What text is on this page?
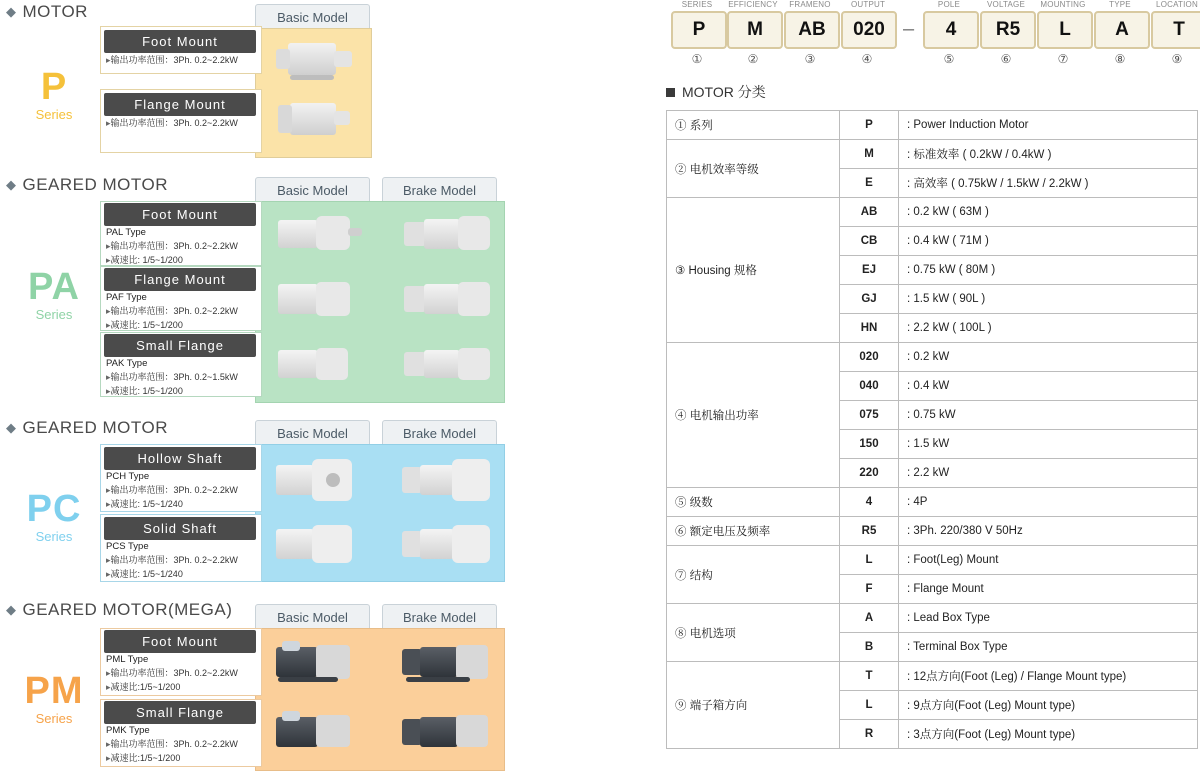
◆ MOTOR	Basic Model
Foot Mount
▸输出功率范围：3Ph. 0.2~2.2kW
Flange Mount
▸输出功率范围：3Ph. 0.2~2.2kW
P
Series
◆ GEARED MOTOR	Basic Model	Brake Model
Foot Mount
PAL Type
▸输出功率范围：3Ph. 0.2~2.2kW
▸减速比: 1/5~1/200
Flange Mount
PAF Type
▸输出功率范围：3Ph. 0.2~2.2kW
▸减速比: 1/5~1/200
Small Flange
PAK Type
▸输出功率范围：3Ph. 0.2~1.5kW
▸减速比: 1/5~1/200
PA
Series
◆ GEARED MOTOR	Basic Model	Brake Model
Hollow Shaft
PCH Type
▸输出功率范围：3Ph. 0.2~2.2kW
▸减速比: 1/5~1/240
Solid Shaft
PCS Type
▸输出功率范围：3Ph. 0.2~2.2kW
▸减速比: 1/5~1/240
PC
Series
◆ GEARED MOTOR(MEGA)	Basic Model	Brake Model
Foot Mount
PML Type
▸输出功率范围：3Ph. 0.2~2.2kW
▸减速比:1/5~1/200
Small Flange
PMK Type
▸输出功率范围：3Ph. 0.2~2.2kW
▸减速比:1/5~1/200
PM
Series
SERIES
P
①
EFFICIENCY
M
②
FRAMENO
AB
③
OUTPUT
020
④
–
POLE
4
⑤
VOLTAGE
R5
⑥
MOUNTING
L
⑦
TYPE
A
⑧
LOCATION
T
⑨
MOTOR 分类
① 系列	P	: Power Induction Motor
② 电机效率等级	M	: 标准效率 ( 0.2kW / 0.4kW )
	E	: 高效率 ( 0.75kW / 1.5kW / 2.2kW )
③ Housing 规格	AB	: 0.2 kW ( 63M )
	CB	: 0.4 kW ( 71M )
	EJ	: 0.75 kW ( 80M )
	GJ	: 1.5 kW ( 90L )
	HN	: 2.2 kW ( 100L )
④ 电机输出功率	020	: 0.2 kW
	040	: 0.4 kW
	075	: 0.75 kW
	150	: 1.5 kW
	220	: 2.2 kW
⑤ 级数	4	: 4P
⑥ 额定电压及频率	R5	: 3Ph. 220/380 V 50Hz
⑦ 结构	L	: Foot(Leg) Mount
	F	: Flange Mount
⑧ 电机选项	A	: Lead Box Type
	B	: Terminal Box Type
⑨ 端子箱方向	T	: 12点方向(Foot (Leg) / Flange Mount type)
	L	: 9点方向(Foot (Leg) Mount type)
	R	: 3点方向(Foot (Leg) Mount type)
